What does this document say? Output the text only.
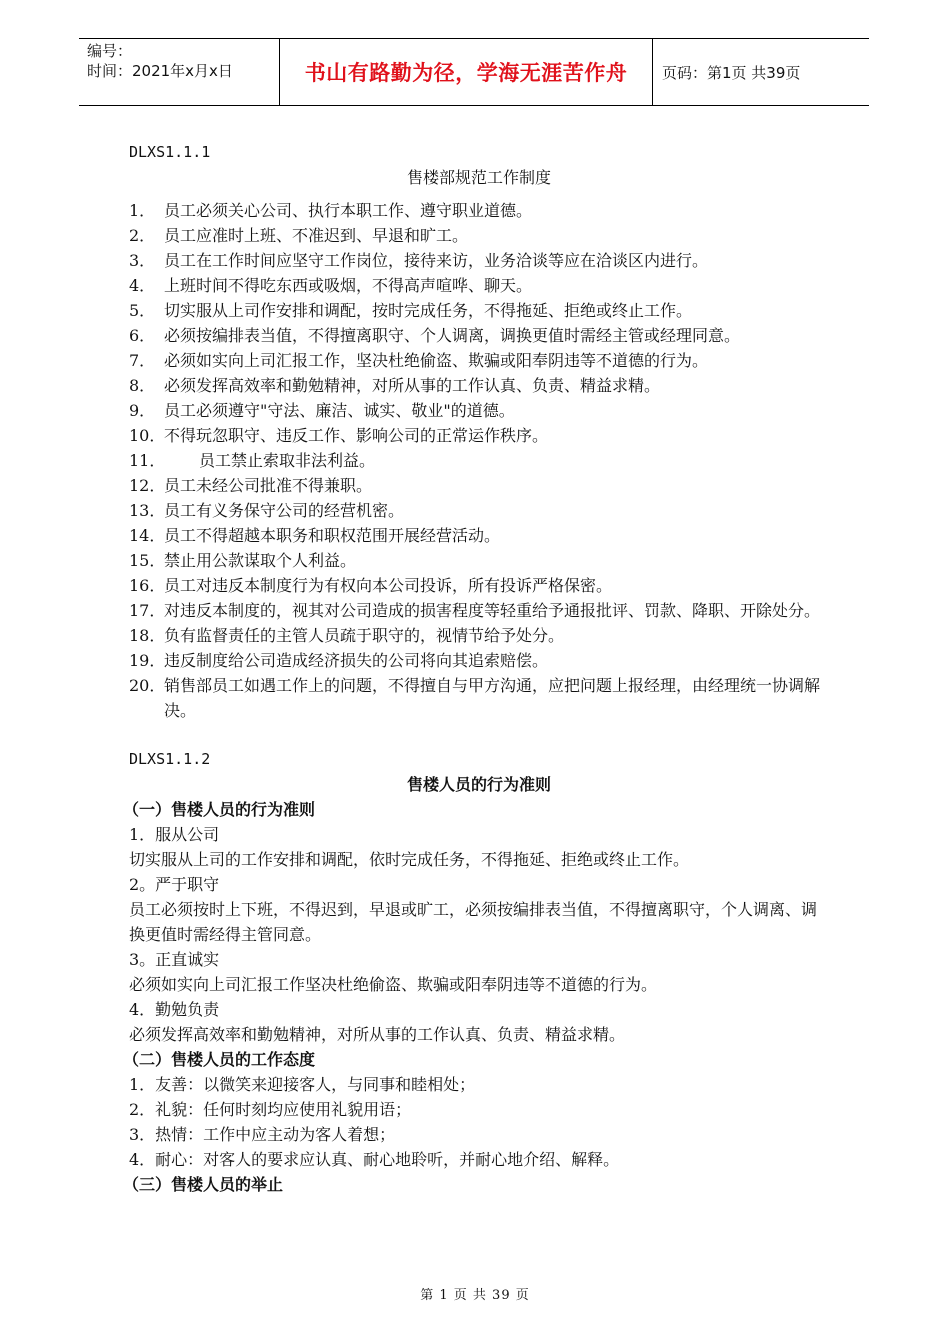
编号：
时间：2021年x月x日	书山有路勤为径，学海无涯苦作舟	页码：第1页 共39页
DLXS1.1.1
售楼部规范工作制度
1． 员工必须关心公司、执行本职工作、遵守职业道德。
2． 员工应准时上班、不准迟到、早退和旷工。
3． 员工在工作时间应坚守工作岗位，接待来访，业务洽谈等应在洽谈区内进行。
4． 上班时间不得吃东西或吸烟，不得高声喧哗、聊天。
5． 切实服从上司作安排和调配，按时完成任务，不得拖延、拒绝或终止工作。
6． 必须按编排表当值，不得擅离职守、个人调离，调换更值时需经主管或经理同意。
7． 必须如实向上司汇报工作，坚决杜绝偷盗、欺骗或阳奉阴违等不道德的行为。
8． 必须发挥高效率和勤勉精神，对所从事的工作认真、负责、精益求精。
9． 员工必须遵守"守法、廉洁、诚实、敬业"的道德。
10．
不得玩忽职守、违反工作、影响公司的正常运作秩序。
11．	员工禁止索取非法利益。
12．
员工未经公司批准不得兼职。
13．
员工有义务保守公司的经营机密。
14．
员工不得超越本职务和职权范围开展经营活动。
15．
禁止用公款谋取个人利益。
16．
员工对违反本制度行为有权向本公司投诉，所有投诉严格保密。
17．
对违反本制度的，视其对公司造成的损害程度等轻重给予通报批评、罚款、降职、开除处分。
18．
负有监督责任的主管人员疏于职守的，视情节给予处分。
19．
违反制度给公司造成经济损失的公司将向其追索赔偿。
20．
销售部员工如遇工作上的问题，不得擅自与甲方沟通，应把问题上报经理，由经理统一协调解决。
DLXS1.1.2
售楼人员的行为准则
（一）售楼人员的行为准则
1．服从公司
切实服从上司的工作安排和调配，依时完成任务，不得拖延、拒绝或终止工作。
2。严于职守
员工必须按时上下班，不得迟到，早退或旷工，必须按编排表当值，不得擅离职守，个人调离、调换更值时需经得主管同意。
3。正直诚实
必须如实向上司汇报工作坚决杜绝偷盗、欺骗或阳奉阴违等不道德的行为。
4．勤勉负责
必须发挥高效率和勤勉精神，对所从事的工作认真、负责、精益求精。
（二）售楼人员的工作态度
1．友善：以微笑来迎接客人，与同事和睦相处；
2．礼貌：任何时刻均应使用礼貌用语；
3．热情：工作中应主动为客人着想；
4．耐心：对客人的要求应认真、耐心地聆听，并耐心地介绍、解释。
（三）售楼人员的举止
第 1 页 共 39 页
